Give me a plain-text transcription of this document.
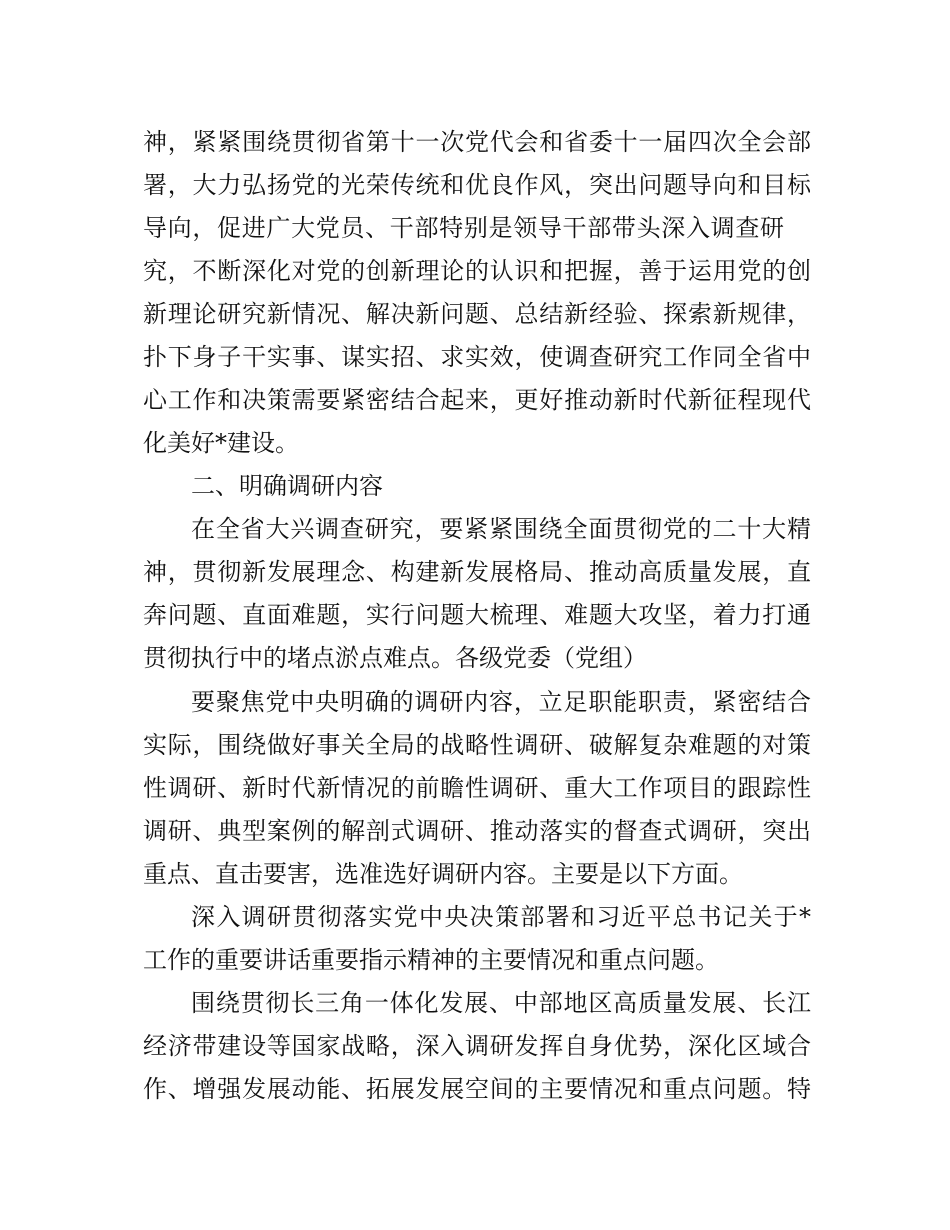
神，紧紧围绕贯彻省第十一次党代会和省委十一届四次全会部

署，大力弘扬党的光荣传统和优良作风，突出问题导向和目标

导向，促进广大党员、干部特别是领导干部带头深入调查研

究，不断深化对党的创新理论的认识和把握，善于运用党的创

新理论研究新情况、解决新问题、总结新经验、探索新规律，

扑下身子干实事、谋实招、求实效，使调查研究工作同全省中

心工作和决策需要紧密结合起来，更好推动新时代新征程现代

化美好*建设。

二、明确调研内容

在全省大兴调查研究，要紧紧围绕全面贯彻党的二十大精

神，贯彻新发展理念、构建新发展格局、推动高质量发展，直

奔问题、直面难题，实行问题大梳理、难题大攻坚，着力打通

贯彻执行中的堵点淤点难点。各级党委（党组）

要聚焦党中央明确的调研内容，立足职能职责，紧密结合

实际，围绕做好事关全局的战略性调研、破解复杂难题的对策

性调研、新时代新情况的前瞻性调研、重大工作项目的跟踪性

调研、典型案例的解剖式调研、推动落实的督查式调研，突出

重点、直击要害，选准选好调研内容。主要是以下方面。

深入调研贯彻落实党中央决策部署和习近平总书记关于*

工作的重要讲话重要指示精神的主要情况和重点问题。

围绕贯彻长三角一体化发展、中部地区高质量发展、长江

经济带建设等国家战略，深入调研发挥自身优势，深化区域合

作、增强发展动能、拓展发展空间的主要情况和重点问题。特
